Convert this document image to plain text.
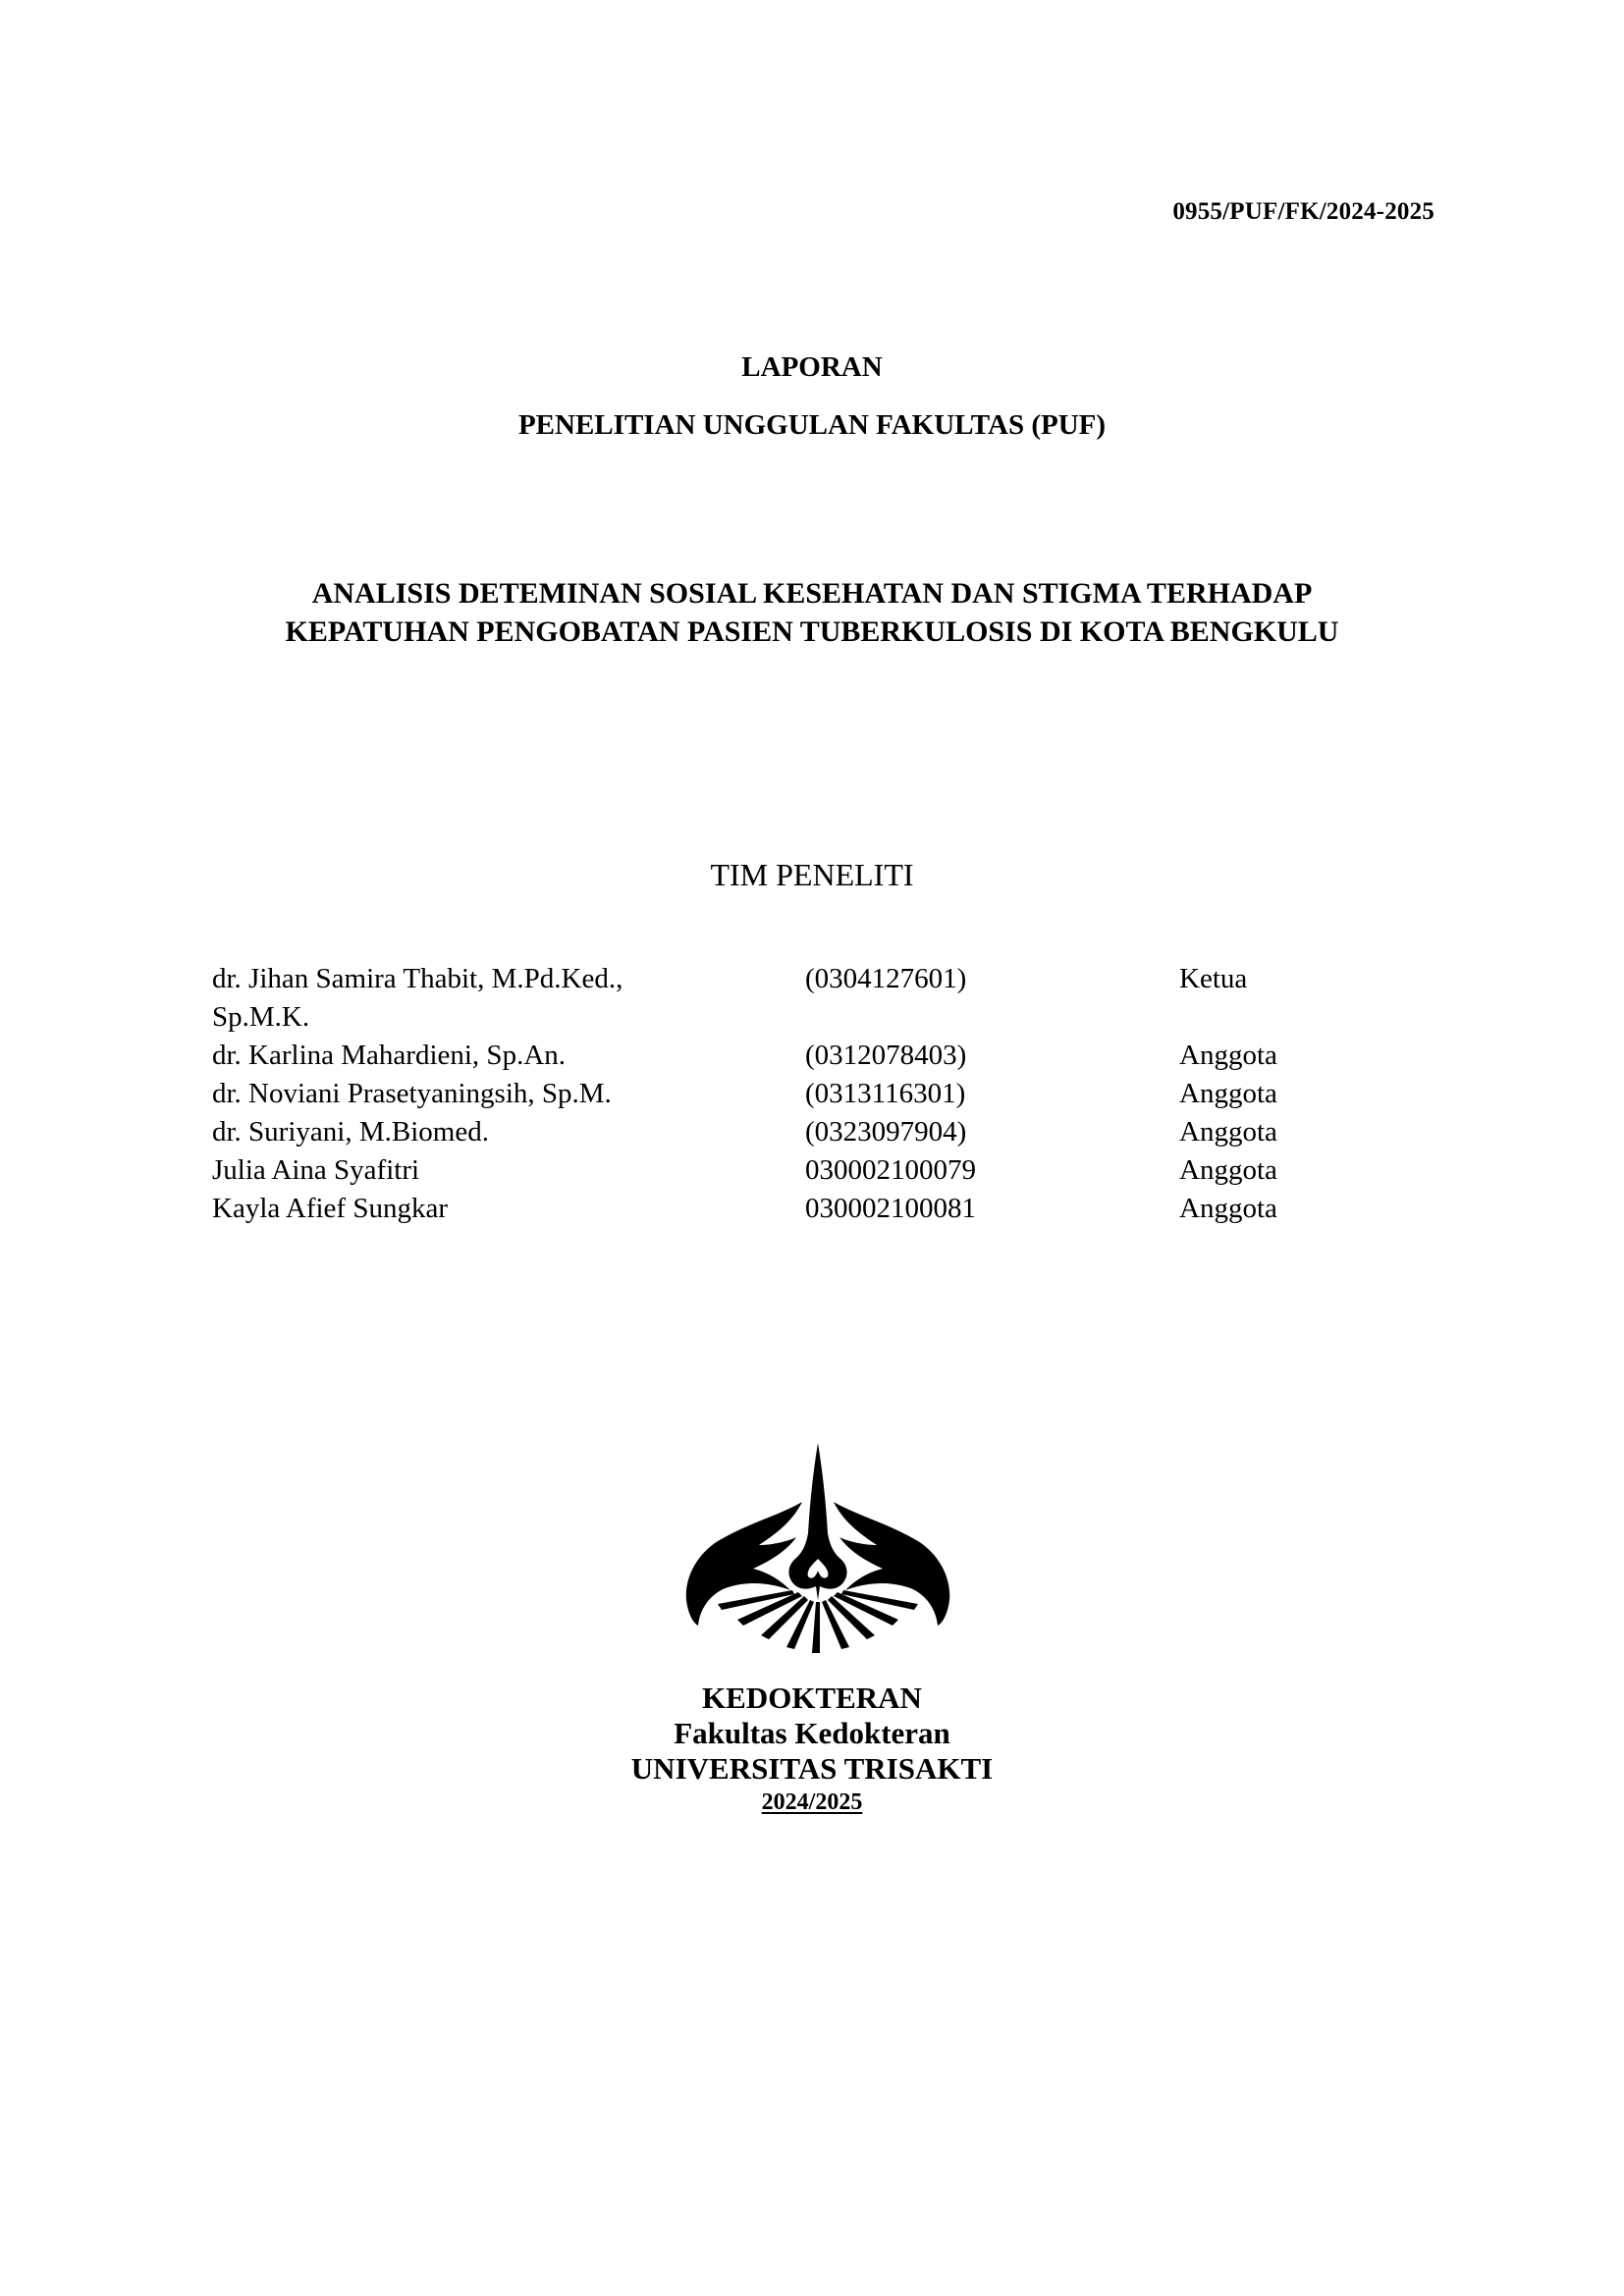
0955/PUF/FK/2024-2025
LAPORAN
PENELITIAN UNGGULAN FAKULTAS (PUF)
ANALISIS DETEMINAN SOSIAL KESEHATAN DAN STIGMA TERHADAP
KEPATUHAN PENGOBATAN PASIEN TUBERKULOSIS DI KOTA BENGKULU
TIM PENELITI
dr. Jihan Samira Thabit, M.Pd.Ked.,
Sp.M.K.
(0304127601)	Ketua
dr. Karlina Mahardieni, Sp.An.	(0312078403)	Anggota
dr. Noviani Prasetyaningsih, Sp.M.	(0313116301)	Anggota
dr. Suriyani, M.Biomed.	(0323097904)	Anggota
Julia Aina Syafitri	030002100079	Anggota
Kayla Afief Sungkar	030002100081	Anggota
KEDOKTERAN
Fakultas Kedokteran
UNIVERSITAS TRISAKTI
2024/2025
